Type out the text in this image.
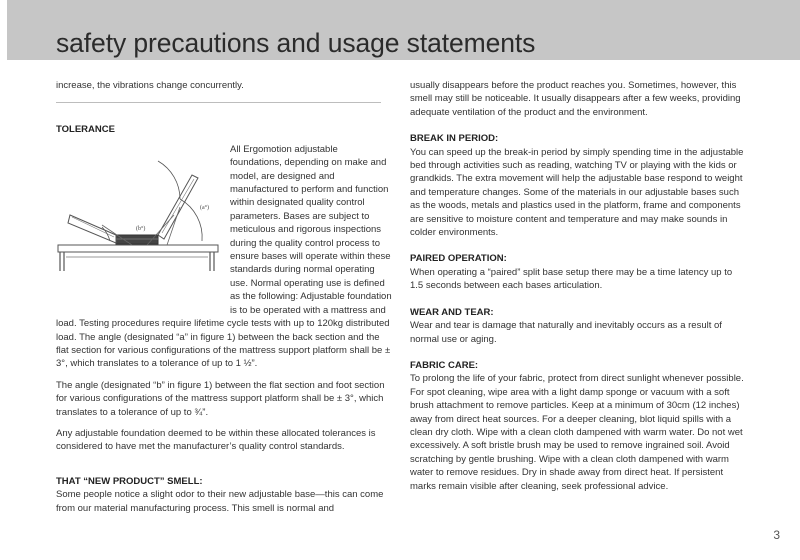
safety precautions and usage statements

increase, the vibrations change concurrently.

TOLERANCE

(a°)
(b°)

All Ergomotion adjustable foundations, depending on make and model, are designed and manufactured to perform and function within designated quality control parameters. Bases are subject to meticulous and rigorous inspections during the quality control process to ensure bases will operate within these standards during normal operating use. Normal operating use is defined as the following: Adjustable foundation is to be operated with a mattress and load. Testing procedures require lifetime cycle tests with up to 120kg distributed load. The angle (designated “a” in figure 1) between the back section and the flat section for various configurations of the mattress support platform shall be ± 3°, which translates to a tolerance of up to 1 ½”.

The angle (designated “b” in figure 1) between the flat section and foot section for various configurations of the mattress support platform shall be ± 3°, which translates to a tolerance of up to ¾”.

Any adjustable foundation deemed to be within these allocated tolerances is considered to have met the manufacturer’s quality control standards.

THAT “NEW PRODUCT” SMELL:

Some people notice a slight odor to their new adjustable base—this can come from our material manufacturing process. This smell is normal and

usually disappears before the product reaches you. Sometimes, however, this smell may still be noticeable. It usually disappears after a few weeks, providing adequate ventilation of the product and the environment.

BREAK IN PERIOD:

You can speed up the break-in period by simply spending time in the adjustable bed through activities such as reading, watching TV or playing with the kids or grandkids. The extra movement will help the adjustable base respond to weight and temperature changes. Some of the materials in our adjustable bases such as the woods, metals and plastics used in the platform, frame and components are sensitive to moisture content and temperature and may make sounds in colder environments.

PAIRED OPERATION:

When operating a “paired” split base setup there may be a time latency up to 1.5 seconds between each bases articulation.

WEAR AND TEAR:

Wear and tear is damage that naturally and inevitably occurs as a result of normal use or aging.

FABRIC CARE:

To prolong the life of your fabric, protect from direct sunlight whenever possible. For spot cleaning, wipe area with a light damp sponge or vacuum with a soft brush attachment to remove particles. Keep at a minimum of 30cm (12 inches) away from direct heat sources. For a deeper cleaning, blot liquid spills with a clean dry cloth. Wipe with a clean cloth dampened with warm water. Do not wet excessively. A soft bristle brush may be used to remove ingrained soil. Avoid scratching by gentle brushing. Wipe with a clean cloth dampened with warm water to remove residues. Dry in shade away from direct heat. If persistent marks remain visible after cleaning, seek professional advice.

3
